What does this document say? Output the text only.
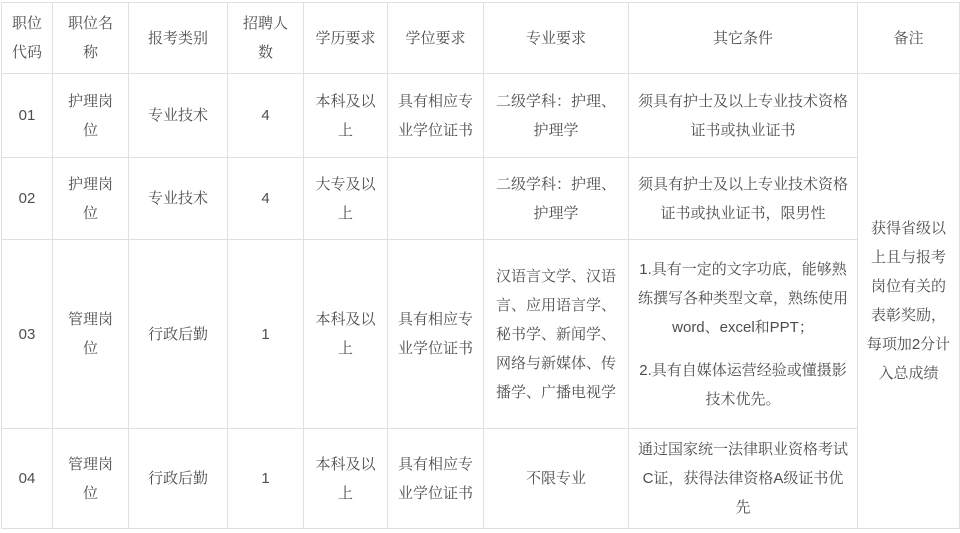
职位代码	职位名称	报考类别	招聘人数	学历要求	学位要求	专业要求	其它条件	备注
01	护理岗位	专业技术	4	本科及以上	具有相应专业学位证书	二级学科：护理、护理学	须具有护士及以上专业技术资格证书或执业证书	获得省级以上且与报考岗位有关的表彰奖励，每项加2分计入总成绩
02	护理岗位	专业技术	4	大专及以上		二级学科：护理、护理学	须具有护士及以上专业技术资格证书或执业证书，限男性	
03	管理岗位	行政后勤	1	本科及以上	具有相应专业学位证书	汉语言文学、汉语言、应用语言学、秘书学、新闻学、网络与新媒体、传播学、广播电视学	1.具有一定的文字功底，能够熟练撰写各种类型文章，熟练使用word、excel和PPT；

2.具有自媒体运营经验或懂摄影技术优先。	

04	管理岗位	行政后勤	1	本科及以上	具有相应专业学位证书	不限专业	通过国家统一法律职业资格考试C证，获得法律资格A级证书优先	
